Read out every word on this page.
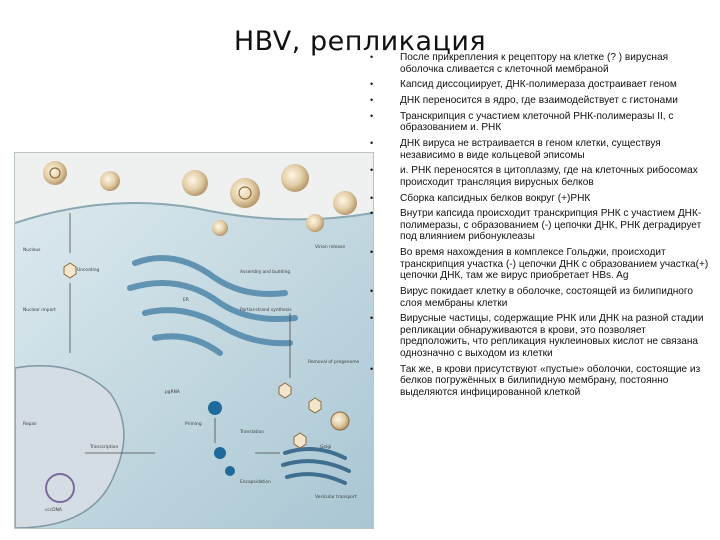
HBV, репликация
Nucleus
Uncoating
Nuclear import
Repair
cccDNA
Transcription
pgRNA
Priming
Encapsidation
Translation
Assembly and budding
Partial-strand synthesis
ER
Removal of pregenome
Virion release
Vesicular transport
Golgi
• После прикрепления к рецептору на клетке (? ) вирусная оболочка сливается с клеточной мембраной
• Капсид диссоциирует, ДНК-полимераза достраивает геном
• ДНК переносится в ядро, где взаимодействует с гистонами
• Транскрипция с участием клеточной РНК-полимеразы II, с образованием и. РНК
• ДНК вируса не встраивается в геном клетки, существуя независимо в виде кольцевой эписомы
• и. РНК переносятся в цитоплазму, где на клеточных рибосомах происходит трансляция вирусных белков
• Сборка капсидных белков вокруг (+)РНК
• Внутри капсида происходит транскрипция РНК с участием ДНК-полимеразы, с образованием (-) цепочки ДНК, РНК деградирует под влиянием рибонуклеазы
• Во время нахождения в комплексе Гольджи, происходит транскрипция участка (-) цепочки ДНК с образованием участка(+) цепочки ДНК, там же вирус приобретает HBs. Ag
• Вирус покидает клетку в оболочке, состоящей из билипидного слоя мембраны клетки
• Вирусные частицы, содержащие РНК или ДНК на разной стадии репликации обнаруживаются в крови, это позволяет предположить, что репликация нуклеиновых кислот не связана однозначно с выходом из клетки
• Так же, в крови присутствуют «пустые» оболочки, состоящие из белков погружённых в билипидную мембрану, постоянно выделяются инфицированной клеткой
